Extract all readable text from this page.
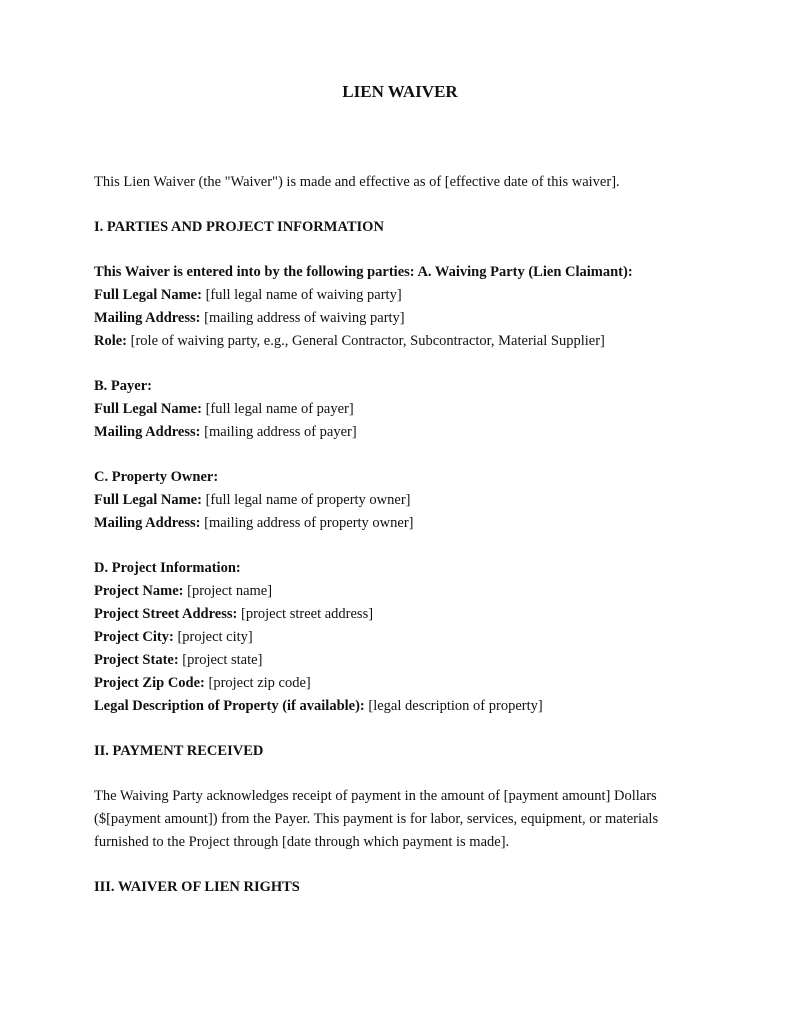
LIEN WAIVER

This Lien Waiver (the "Waiver") is made and effective as of [effective date of this waiver].

I. PARTIES AND PROJECT INFORMATION

This Waiver is entered into by the following parties: A. Waiving Party (Lien Claimant):

Full Legal Name: [full legal name of waiving party]

Mailing Address: [mailing address of waiving party]

Role: [role of waiving party, e.g., General Contractor, Subcontractor, Material Supplier]

B. Payer:

Full Legal Name: [full legal name of payer]

Mailing Address: [mailing address of payer]

C. Property Owner:

Full Legal Name: [full legal name of property owner]

Mailing Address: [mailing address of property owner]

D. Project Information:

Project Name: [project name]

Project Street Address: [project street address]

Project City: [project city]

Project State: [project state]

Project Zip Code: [project zip code]

Legal Description of Property (if available): [legal description of property]

II. PAYMENT RECEIVED

The Waiving Party acknowledges receipt of payment in the amount of [payment amount] Dollars

($[payment amount]) from the Payer. This payment is for labor, services, equipment, or materials

furnished to the Project through [date through which payment is made].

III. WAIVER OF LIEN RIGHTS
